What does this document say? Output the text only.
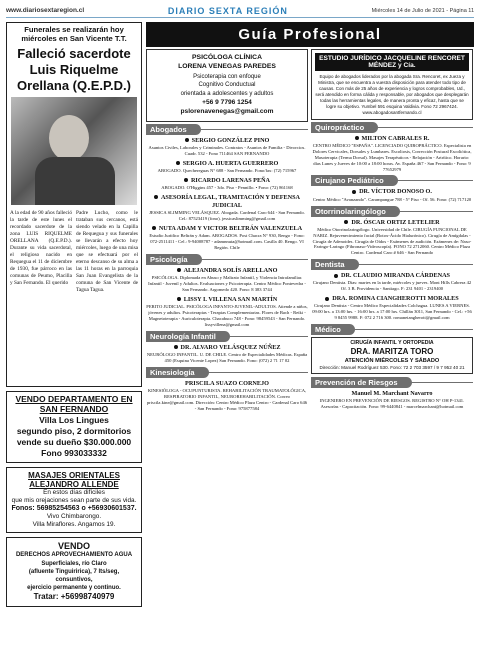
www.diariosextaregion.cl	DIARIO SEXTA REGIÓN	Miércoles 14 de Julio de 2021 - Página 11
Funerales se realizarán hoy miércoles en San Vicente T.T.
Falleció sacerdote Luis Riquelme Orellana (Q.E.P.D.)
A la edad de 90 años falleció la tarde de este lunes el recordado sacerdote de la zona LUIS RIQUELME ORELLANA (Q.E.P.D.). Durante su vida sacerdotal, el religioso nacido en Requegua el 11 de diciembre de 1930, fue párroco en las comunas de Peumo, Placilla y San Fernando. El querido
Padre Lucho, como le trataban sus cercanos, está siendo velado en la Capilla de Requegua y sus funerales se llevarán a efecto hoy miércoles, luego de una misa que se efectuará por el eterno descanso de su alma a las 11 horas en la parroquia San Juan Evangelista de la comuna de San Vicente de Tagua Tagua.
VENDO DEPARTAMENTO EN SAN FERNANDO

Villa Los Lingues

segundo piso, 2 dormitorios

vende su dueño $30.000.000

Fono 993033332

MASAJES ORIENTALES
ALEJANDRO ALLENDE

En estos días difíciles

que mis orejaciones sean parte de sus vida.

Fonos: 56985254563 o +56930601537.

Vivo Chimbarongo.

Villa Miraflores. Angamos 19.

VENDO

DERECHOS APROVECHAMIENTO AGUA

Superficiales, río Claro

(afluente Tinguiririca), 7 lts/seg,

consuntivos,

ejercicio permanente y continuo.

Tratar: +56998740979

Guía Profesional
PSICÓLOGA CLÍNICA
LORENA VENEGAS PAREDES

Psicoterapia con enfoque

Cognitivo Conductual

orientada a adolescentes y adultos

+56 9 7796 1254

pslorenavenegas@gmail.com

Abogados
SERGIO GONZÁLEZ PINO
Asuntos Civiles, Laborales y Criminales. Contratos - Asuntos de Familia - Divorcios. Cuadr. 532 - Fono 711464 SAN FERNANDO
SERGIO A. HUERTA GUERRERO
ABOGADO. Quechereguas N° 688 - San Fernando. Fono/fax: (72) 715967
RICARDO LARENAS PEÑA
ABOGADO. O'Higgins 457 - 3do. Piso - Pennillo. • Fono: (72) 861168
ASESORÍA LEGAL, TRAMITACIÓN Y DEFENSA JUDICIAL
JESSICA SLIMMING VELÁSQUEZ. Abogada. Cardenal Caro 644 - San Fernando. Cel.: 87523419 (fono). jessicaslimming@gmail.com
NUTA ADAM Y VICTOR BELTRÁN VALENZUELA
Estudio Jurídico Beltrán y Adam. ABOGADOS. Post Chacra N° 930, Rengo - Fono: 072-2511411 - Cel.: 9-94008787 - adamnnuta@hotmail.com. Casilla 40. Rengo. VI Región. Chile
Psicología
ALEJANDRA SOLÍS ARELLANO
PSICÓLOGA. Diplomada en Abuso y Maltrato Infantil, y Violencia Intrafamiliar. Infantil - Juvenil y Adultos. Evaluaciones y Psicoterapia. Centro Médico Pontevedra - San Fernando. Argomedo 420. Fono: 8 383 3744
LISSY I. VILLENA SAN MARTÍN
PERITO JUDICIAL. PSICÓLOGA INFANTO-JUVENIL-ADULTOS. Atiende a niños, jóvenes y adultos. Psicoterapias - Terapias Complementarias. Flores de Bach - Reiki - Magnetoterapia - Auriculoterapia. Chacabuco 748 - Fono: 98459543 - San Fernando. lissyvillena@gmail.com
Neurología Infantil
DR. ALVARO VELÁSQUEZ NÚÑEZ
NEURÓLOGO INFANTIL. U. DE CHILE. Centro de Especialidades Médicas. España 450 (Esquina Vicente Lopez) San Fernando. Fono: (072) 2 71 17 02
Kinesiología
PRISCILA SUAZO CORNEJO
KINESIÓLOGA - OCUPUNTURISTA. REHABILITACIÓN TRAUMATOLÓGICA, RESPIRATORIO INFANTIL, NEUROREHABILITACIÓN. Correo priscila.kine@gmail.com. Dirección: Centro Médico Plaza Centro - Cardenal Caro 646 - San Fernando - Fono: 975877584
ESTUDIO JURÍDICO JACQUELINE RENCORET MÉNDEZ y Cía.

Equipo de abogados liderados por la abogada Sra. Rencoret, ex Jueza y Ministra, que se encuentra a vuestra disposición para atender todo tipo de causas. Con más de 25 años de experiencia y logros comprobables, Ud., será atendido en forma cálida y responsable, por abogados que desplegarán todas las herramientas legales, de manera pronta y eficaz, hasta que se logre su objetivo. Yumbel 591 esquina Valdivia. Fono 72 2967424. www.abogadosantfernando.cl

Quiropráctico
MILTON CABRALES R.
CENTRO MÉDICO "ESPAÑA". LICENCIADO QUIROPRÁCTICO. Especialista en Dolores Cervicales, Dorsales y Lumbares. Escoliosis, Corrección Postural Escoliótica, Masoterapia (Terma Dorsal). Masajes Terapéuticos - Relajación - Artrítico. Horario: días Lunes y Jueves de 10:00 a 18:00 horas. Av. España 467 - San Fernando - Fono: 9 77652979
Cirujano Pediátrico
DR. VÍCTOR DONOSO O.
Centro Médico "Avanzando". Carampangue 788 - 5° Piso - Of. 56. Fono: (72) 717120
Otorrinolaringólogo
DR. ÓSCAR ORTIZ LETELIER
Médico Otorrinolaringólogo. Universidad de Chile. CIRUGÍA FUNCIONAL DE NARIZ. Rejuvenecimiento facial (Botox-Ácido Hialurónico). Cirugía de Amígdalas - Cirugía de Adenoides. Cirugía de Oídos - Exámenes de audición. Exámenes de: Naso-Faringo-Laringo (Fibronaso-Videoscopía). FONO 72 2712060. Centro Médico Plaza Centro. Cardenal Caro # 646 - San Fernando
Dentista
DR. CLAUDIO MIRANDA CÁRDENAS
Cirujano Dentista. Dias: martes en la tarde, miércoles y jueves. Mont Hills Cabrera 42 Of. 3 B. Providencia - Santiago. F: 231 9401 - 2319400
DRA. ROMINA CIANGHEROTTI MORALES
Cirujano Dentista - Centro Médico Especialidades Colchagua. LUNES A VIERNES. 09:00 hrs. a 13:00 hrs. - 16:00 hrs. a 17:00 hrs. Chillán 3011, San Fernando - Cel.: +56 9 8455 9988. F: 072 2 716 300. romaneiangherott@gmail.com
Médico
CIRUGÍA INFANTIL Y ORTOPEDIA
DRA. MARITZA TORO
ATENCIÓN MIÉRCOLES Y SÁBADO
Dirección: Manuel Rodríguez 530. Fono: 72 2 703 3597 / 9 7 952 40 21
Prevención de Riesgos
Manuel M. Marchant Navarro
INGENIERO EN PREVENCIÓN DE RIESGOS. REGISTRO N° OH P-1341. Asesorías - Capacitación. Fono: 99-6440841 - marcelmarchant@hotmail.com
